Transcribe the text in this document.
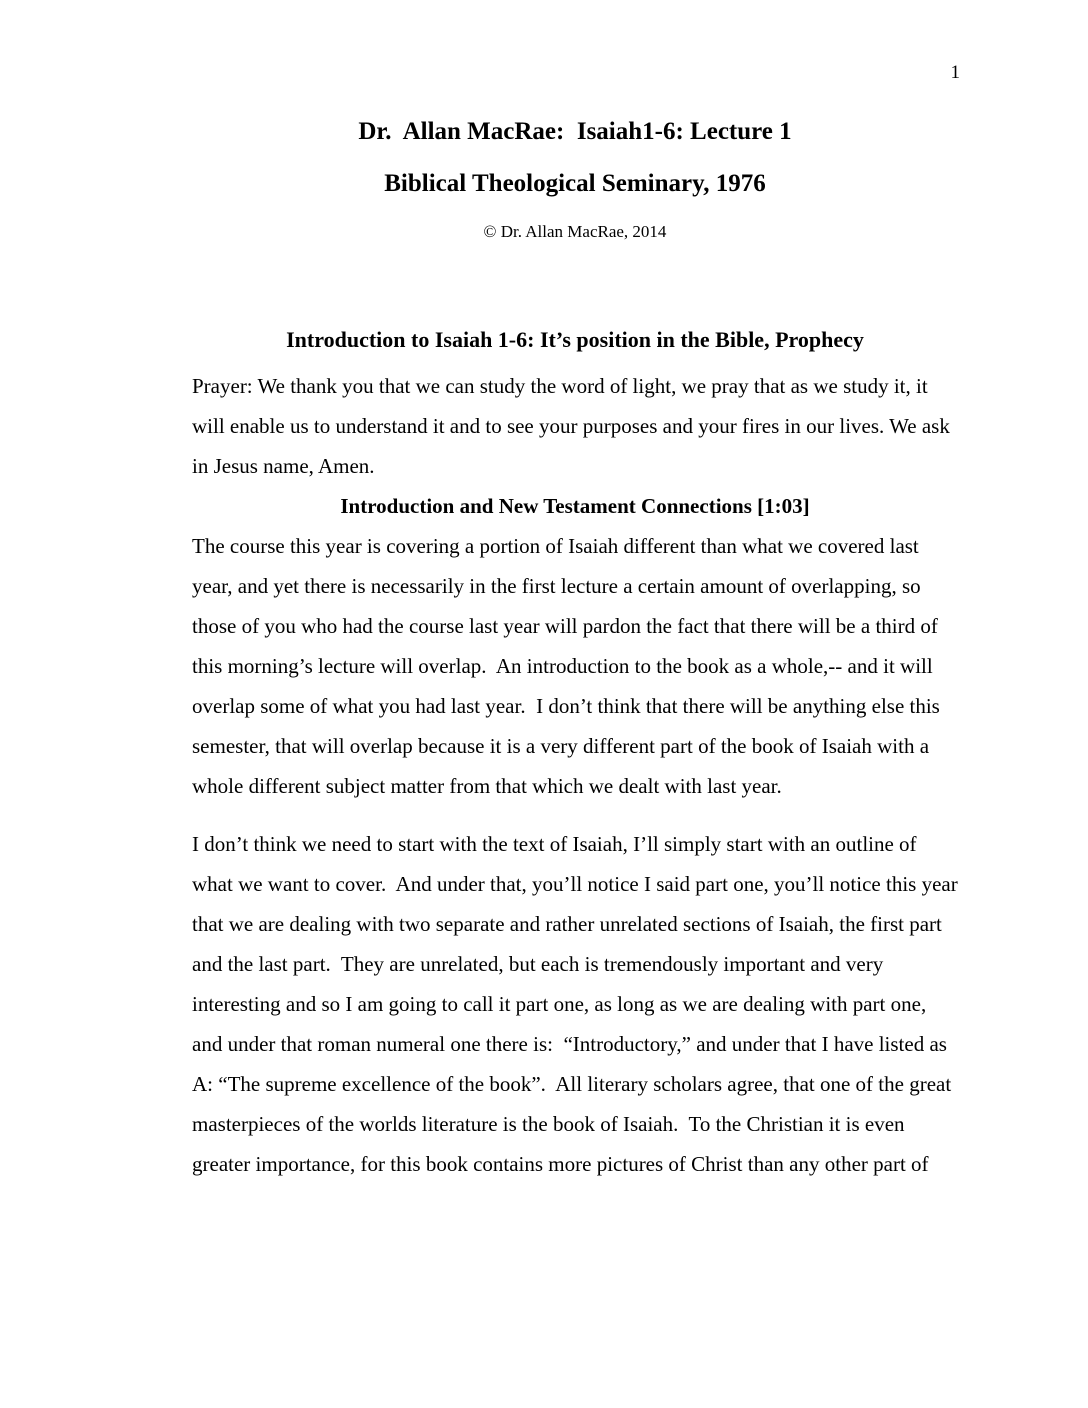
1
Dr.  Allan MacRae:  Isaiah1-6: Lecture 1
Biblical Theological Seminary, 1976
© Dr. Allan MacRae, 2014
Introduction to Isaiah 1-6: It’s position in the Bible, Prophecy

Prayer: We thank you that we can study the word of light, we pray that as we study it, it will enable us to understand it and to see your purposes and your fires in our lives. We ask in Jesus name, Amen.

Introduction and New Testament Connections [1:03]

The course this year is covering a portion of Isaiah different than what we covered last year, and yet there is necessarily in the first lecture a certain amount of overlapping, so those of you who had the course last year will pardon the fact that there will be a third of this morning’s lecture will overlap.  An introduction to the book as a whole,-- and it will overlap some of what you had last year.  I don’t think that there will be anything else this semester, that will overlap because it is a very different part of the book of Isaiah with a whole different subject matter from that which we dealt with last year.

I don’t think we need to start with the text of Isaiah, I’ll simply start with an outline of what we want to cover.  And under that, you’ll notice I said part one, you’ll notice this year that we are dealing with two separate and rather unrelated sections of Isaiah, the first part and the last part.  They are unrelated, but each is tremendously important and very interesting and so I am going to call it part one, as long as we are dealing with part one, and under that roman numeral one there is:  “Introductory,” and under that I have listed as A: “The supreme excellence of the book”.  All literary scholars agree, that one of the great masterpieces of the worlds literature is the book of Isaiah.  To the Christian it is even greater importance, for this book contains more pictures of Christ than any other part of
